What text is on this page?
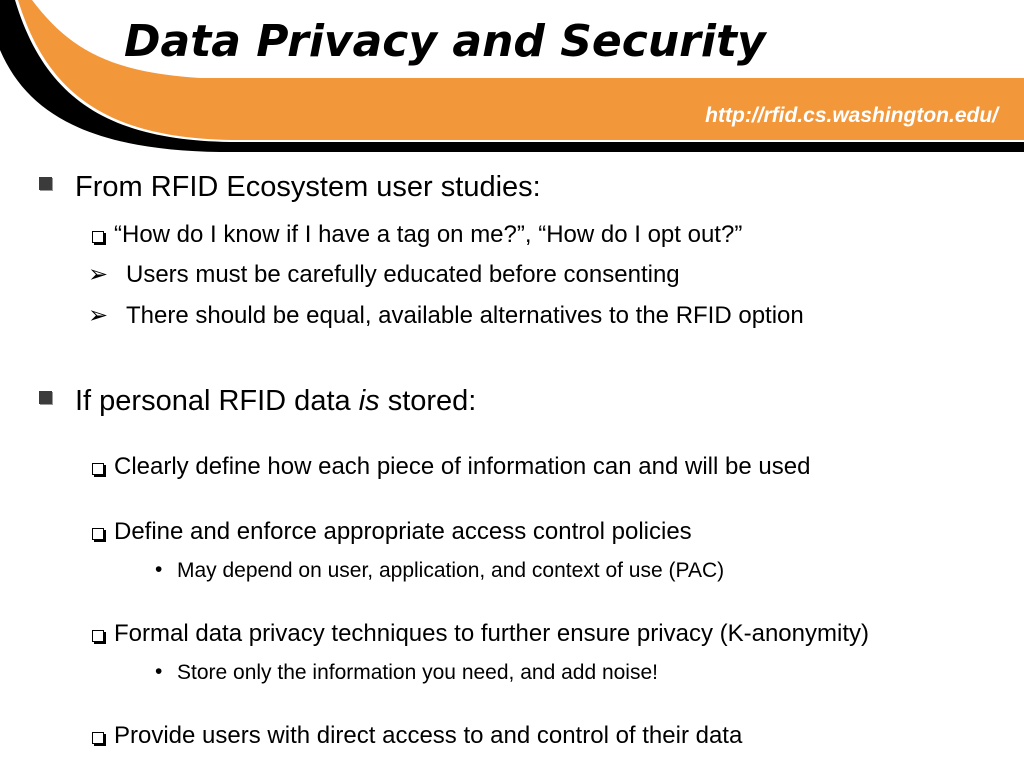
Data Privacy and Security
http://rfid.cs.washington.edu/
From RFID Ecosystem user studies:
“How do I know if I have a tag on me?”, “How do I opt out?”
➢ Users must be carefully educated before consenting
➢ There should be equal, available alternatives to the RFID option
If personal RFID data is stored:
Clearly define how each piece of information can and will be used
Define and enforce appropriate access control policies
• May depend on user, application, and context of use (PAC)
Formal data privacy techniques to further ensure privacy (K-anonymity)
• Store only the information you need, and add noise!
Provide users with direct access to and control of their data
